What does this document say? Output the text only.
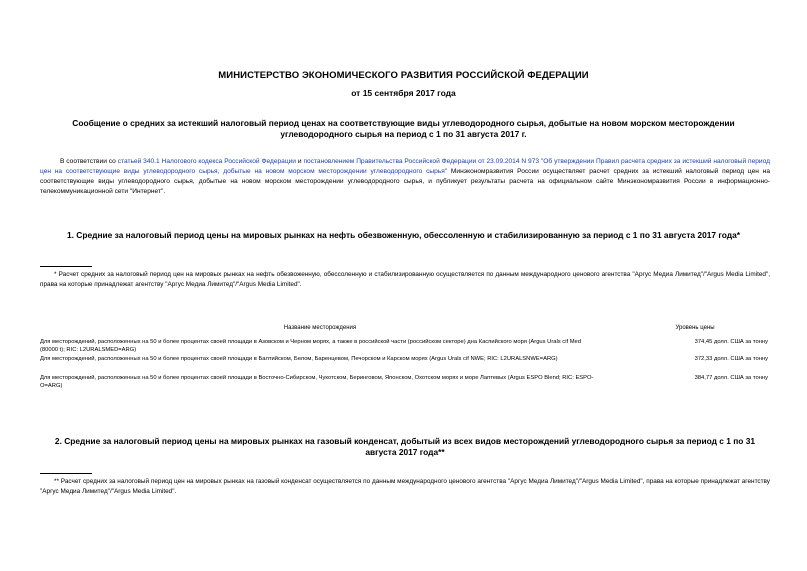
МИНИСТЕРСТВО ЭКОНОМИЧЕСКОГО РАЗВИТИЯ РОССИЙСКОЙ ФЕДЕРАЦИИ
от 15 сентября 2017 года
Сообщение о средних за истекший налоговый период ценах на соответствующие виды углеводородного сырья, добытые на новом морском месторождении углеводородного сырья на период с 1 по 31 августа 2017 г.
В соответствии со статьей 340.1 Налогового кодекса Российской Федерации и постановлением Правительства Российской Федерации от 23.09.2014 N 973 "Об утверждении Правил расчета средних за истекший налоговый период цен на соответствующие виды углеводородного сырья, добытые на новом морском месторождении углеводородного сырья" Минэкономразвития России осуществляет расчет средних за истекший налоговый период цен на соответствующие виды углеводородного сырья, добытые на новом морском месторождении углеводородного сырья, и публикует результаты расчета на официальном сайте Минэкономразвития России в информационно-телекоммуникационной сети "Интернет".
1. Средние за налоговый период цены на мировых рынках на нефть обезвоженную, обессоленную и стабилизированную за период с 1 по 31 августа 2017 года*
* Расчет средних за налоговый период цен на мировых рынках на нефть обезвоженную, обессоленную и стабилизированную осуществляется по данным международного ценового агентства "Аргус Медиа Лимитед"/"Argus Media Limited", права на которые принадлежат агентству "Аргус Медиа Лимитед"/"Argus Media Limited".
Название месторождения	Уровень цены
Для месторождений, расположенных на 50 и более процентах своей площади в Азовском и Черном морях, а также в российской части (российском секторе) дна Каспийского моря (Argus Urals cif Med (80000 t); RIC: L2URALSMED=ARG)
374,45 долл. США за тонну
Для месторождений, расположенных на 50 и более процентах своей площади в Балтийском, Белом, Баренцевом, Печорском и Карском морях (Argus Urals cif NWE; RIC: L2URALSNWE=ARG)	372,33 долл. США за тонну
Для месторождений, расположенных на 50 и более процентах своей площади в Восточно-Сибирском, Чукотском, Беринговом, Японском, Охотском морях и море Лаптевых (Argus ESPO Blend; RIC: ESPO-O=ARG)
384,77 долл. США за тонну
2. Средние за налоговый период цены на мировых рынках на газовый конденсат, добытый из всех видов месторождений углеводородного сырья за период с 1 по 31 августа 2017 года**
** Расчет средних за налоговый период цен на мировых рынках на газовый конденсат осуществляется по данным международного ценового агентства "Аргус Медиа Лимитед"/"Argus Media Limited", права на которые принадлежат агентству "Аргус Медиа Лимитед"/"Argus Media Limited".
